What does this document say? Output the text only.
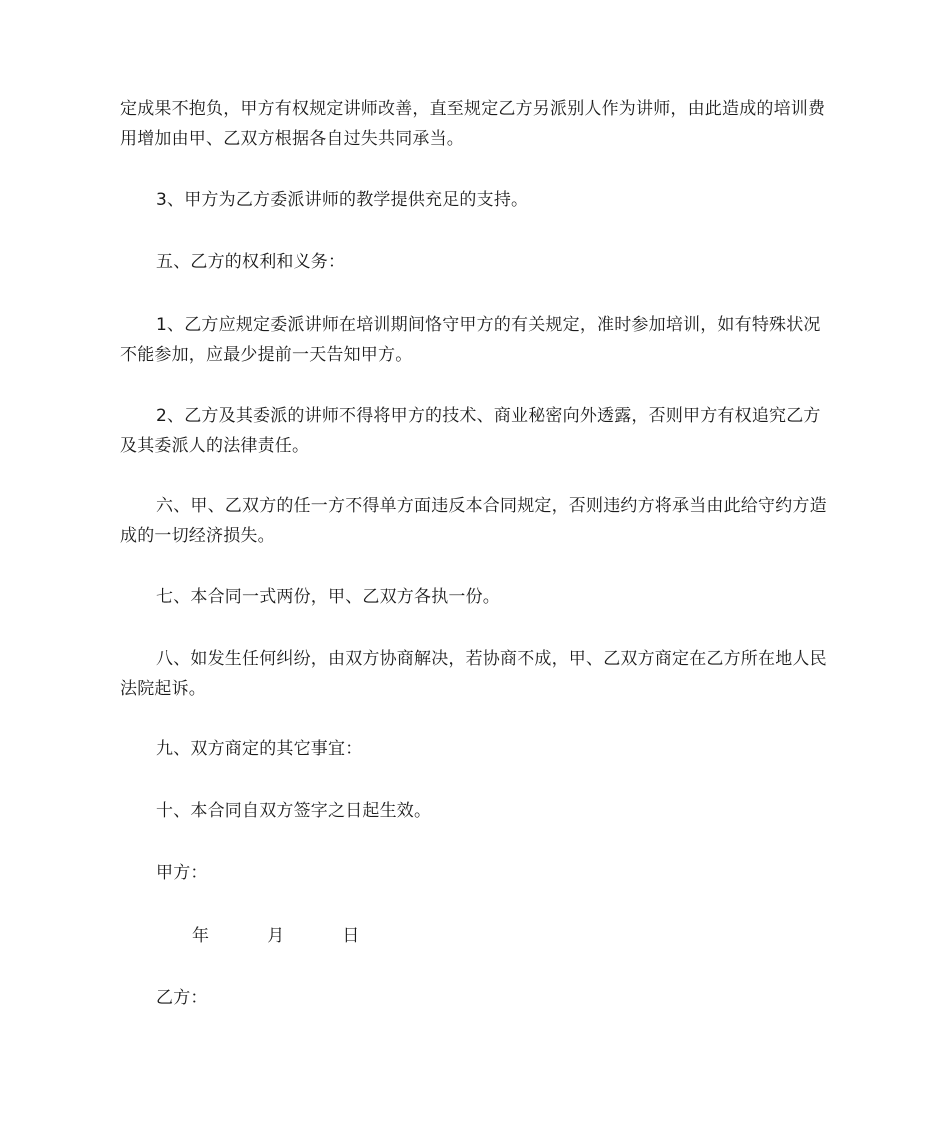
定成果不抱负，甲方有权规定讲师改善，直至规定乙方另派别人作为讲师，由此造成的培训费用增加由甲、乙双方根据各自过失共同承当。

3、甲方为乙方委派讲师的教学提供充足的支持。

五、乙方的权利和义务：

1、乙方应规定委派讲师在培训期间恪守甲方的有关规定，准时参加培训，如有特殊状况不能参加，应最少提前一天告知甲方。

2、乙方及其委派的讲师不得将甲方的技术、商业秘密向外透露，否则甲方有权追究乙方及其委派人的法律责任。

六、甲、乙双方的任一方不得单方面违反本合同规定，否则违约方将承当由此给守约方造成的一切经济损失。

七、本合同一式两份，甲、乙双方各执一份。

八、如发生任何纠纷，由双方协商解决，若协商不成，甲、乙双方商定在乙方所在地人民法院起诉。

九、双方商定的其它事宜：

十、本合同自双方签字之日起生效。

甲方：

年	月	日

乙方：
